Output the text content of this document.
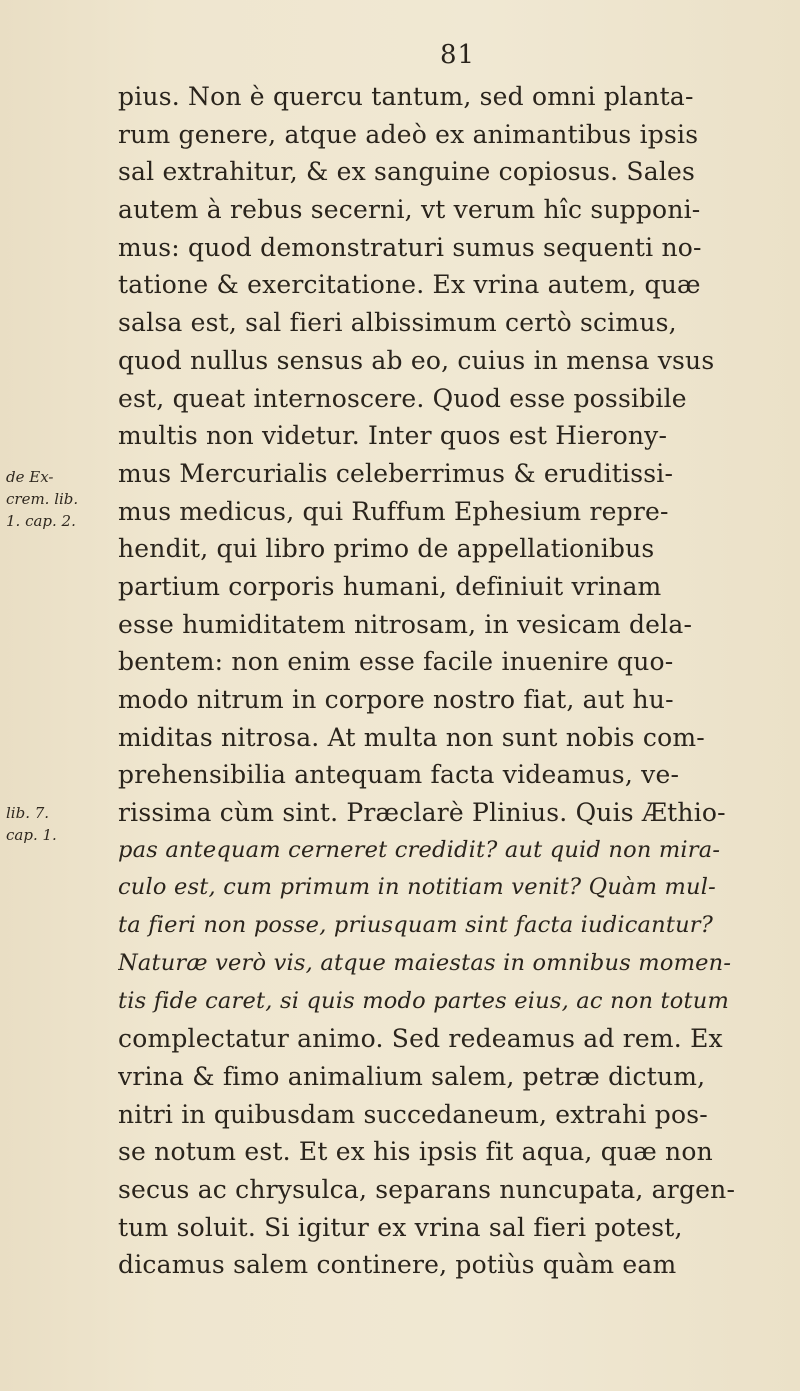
81
pius. Non è quercu tantum, sed omni planta-
rum genere, atque adeò ex animantibus ipsis
sal extrahitur, & ex sanguine copiosus. Sales
autem à rebus secerni, vt verum hîc supponi-
mus: quod demonstraturi sumus sequenti no-
tatione & exercitatione. Ex vrina autem, quæ
salsa est, sal fieri albissimum certò scimus,
quod nullus sensus ab eo, cuius in mensa vsus
est, queat internoscere. Quod esse possibile
multis non videtur. Inter quos est Hierony-
mus Mercurialis celeberrimus & eruditissi-
mus medicus, qui Ruffum Ephesium repre-
hendit, qui libro primo de appellationibus
partium corporis humani, definiuit vrinam
esse humiditatem nitrosam, in vesicam dela-
bentem: non enim esse facile inuenire quo-
modo nitrum in corpore nostro fiat, aut hu-
miditas nitrosa. At multa non sunt nobis com-
prehensibilia antequam facta videamus, ve-
rissima cùm sint. Præclarè Plinius. Quis Æthio-
pas antequam cerneret credidit? aut quid non mira-
culo est, cum primum in notitiam venit? Quàm mul-
ta fieri non posse, priusquam sint facta iudicantur?
Naturæ verò vis, atque maiestas in omnibus momen-
tis fide caret, si quis modo partes eius, ac non totum
complectatur animo. Sed redeamus ad rem. Ex
vrina & fimo animalium salem, petræ dictum,
nitri in quibusdam succedaneum, extrahi pos-
se notum est. Et ex his ipsis fit aqua, quæ non
secus ac chrysulca, separans nuncupata, argen-
tum soluit. Si igitur ex vrina sal fieri potest,
dicamus salem continere, potiùs quàm eam
de Ex-
crem. lib.
1. cap. 2.
lib. 7.
cap. 1.
